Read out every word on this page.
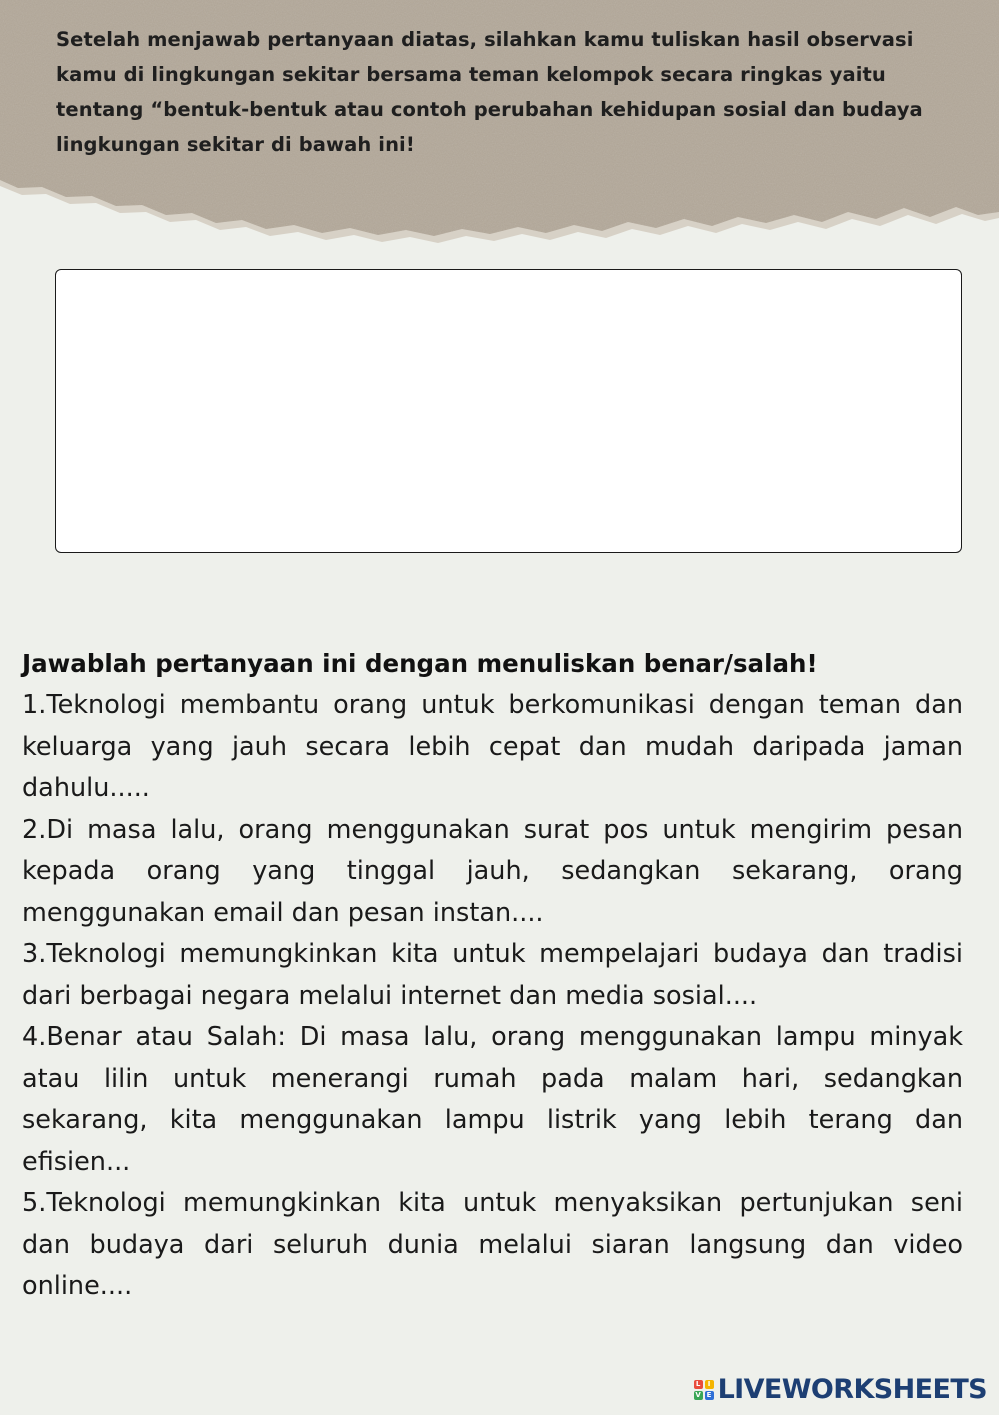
Setelah menjawab pertanyaan diatas, silahkan kamu tuliskan hasil observasi kamu di lingkungan sekitar bersama teman kelompok secara ringkas yaitu tentang “bentuk-bentuk atau contoh perubahan kehidupan sosial dan budaya lingkungan sekitar di bawah ini!

Jawablah pertanyaan ini dengan menuliskan benar/salah!
1.Teknologi membantu orang untuk berkomunikasi dengan teman dan keluarga yang jauh secara lebih cepat dan mudah daripada jaman dahulu.....
2.Di masa lalu, orang menggunakan surat pos untuk mengirim pesan kepada orang yang tinggal jauh, sedangkan sekarang, orang menggunakan email dan pesan instan....
3.Teknologi memungkinkan kita untuk mempelajari budaya dan tradisi dari berbagai negara melalui internet dan media sosial....
4.Benar atau Salah: Di masa lalu, orang menggunakan lampu minyak atau lilin untuk menerangi rumah pada malam hari, sedangkan sekarang, kita menggunakan lampu listrik yang lebih terang dan efisien...
5.Teknologi memungkinkan kita untuk menyaksikan pertunjukan seni dan budaya dari seluruh dunia melalui siaran langsung dan video online....
L	I
V E LIVEWORKSHEETS
